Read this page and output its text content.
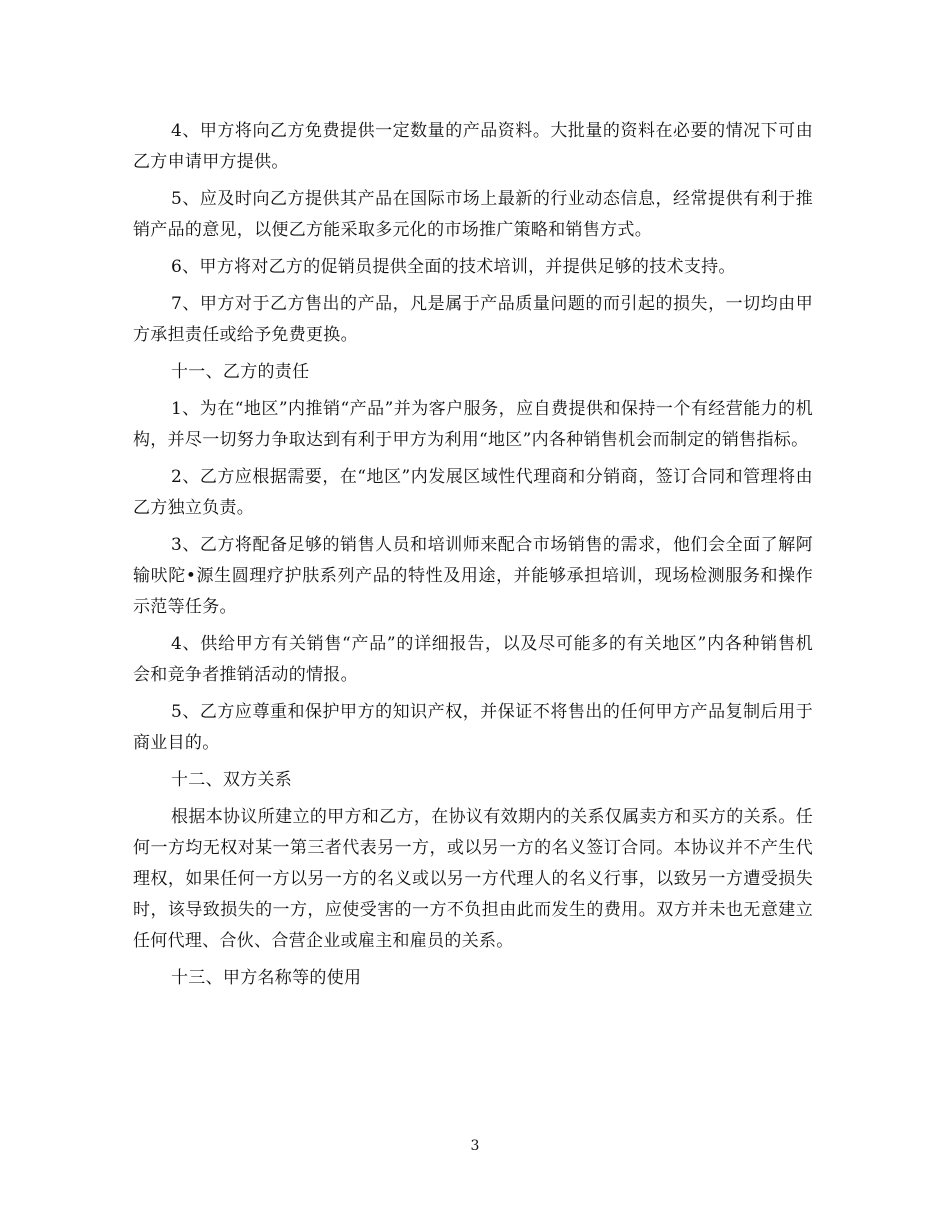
4、甲方将向乙方免费提供一定数量的产品资料。大批量的资料在必要的情况下可由乙方申请甲方提供。

5、应及时向乙方提供其产品在国际市场上最新的行业动态信息，经常提供有利于推销产品的意见，以便乙方能采取多元化的市场推广策略和销售方式。

6、甲方将对乙方的促销员提供全面的技术培训，并提供足够的技术支持。

7、甲方对于乙方售出的产品，凡是属于产品质量问题的而引起的损失，一切均由甲方承担责任或给予免费更换。

十一、乙方的责任

1、为在“地区”内推销“产品”并为客户服务，应自费提供和保持一个有经营能力的机构，并尽一切努力争取达到有利于甲方为利用“地区”内各种销售机会而制定的销售指标。

2、乙方应根据需要，在“地区”内发展区域性代理商和分销商，签订合同和管理将由乙方独立负责。

3、乙方将配备足够的销售人员和培训师来配合市场销售的需求，他们会全面了解阿输吠陀•源生圆理疗护肤系列产品的特性及用途，并能够承担培训，现场检测服务和操作示范等任务。

4、供给甲方有关销售“产品”的详细报告，以及尽可能多的有关地区”内各种销售机会和竞争者推销活动的情报。

5、乙方应尊重和保护甲方的知识产权，并保证不将售出的任何甲方产品复制后用于商业目的。

十二、双方关系

根据本协议所建立的甲方和乙方，在协议有效期内的关系仅属卖方和买方的关系。任何一方均无权对某一第三者代表另一方，或以另一方的名义签订合同。本协议并不产生代理权，如果任何一方以另一方的名义或以另一方代理人的名义行事，以致另一方遭受损失时，该导致损失的一方，应使受害的一方不负担由此而发生的费用。双方并未也无意建立任何代理、合伙、合营企业或雇主和雇员的关系。

十三、甲方名称等的使用

3
